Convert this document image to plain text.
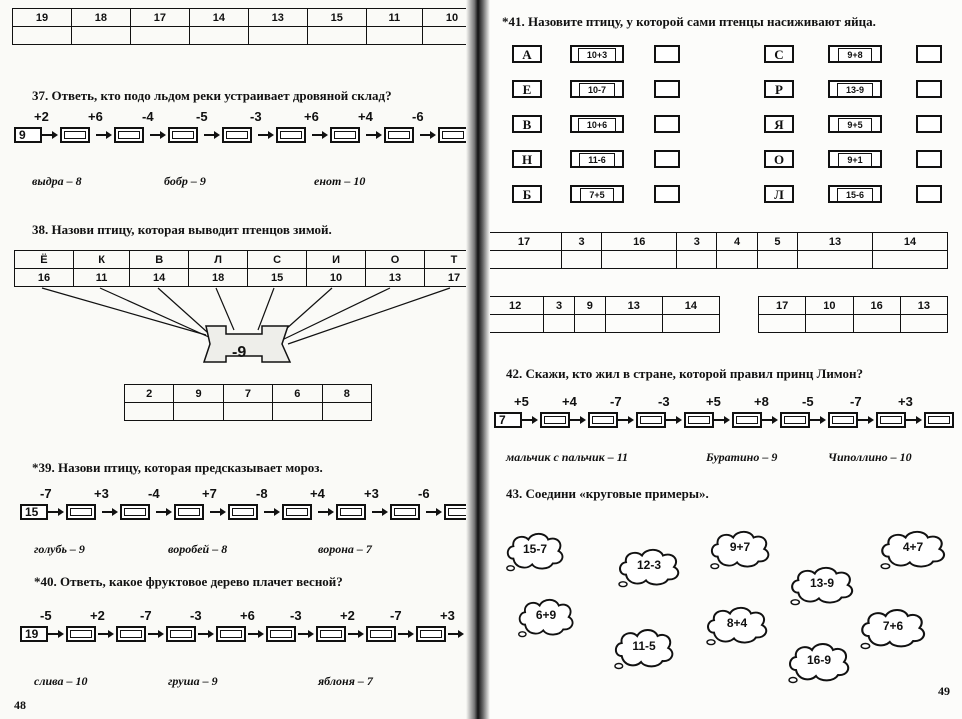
19	18	17	14	13	15	11	10

37. Ответь, кто подо льдом реки устраивает дровяной склад?
9
+2	+6	-4	-5	-3	+6	+4	-6
выдра – 8	бобр – 9	енот – 10
38. Назови птицу, которая выводит птенцов зимой.
Ё	К	В	Л	С	И	О	Т
16	11	14	18	15	10	13	17
-9
2	9	7	6	8

*39. Назови птицу, которая предсказывает мороз.
15
-7	+3	-4	+7	-8	+4	+3	-6
голубь – 9	воробей – 8	ворона – 7
*40. Ответь, какое фруктовое дерево плачет весной?
19
-5	+2	-7	-3	+6	-3	+2	-7	+3
слива – 10	груша – 9	яблоня – 7
48
*41. Назовите птицу, у которой сами птенцы насиживают яйца.
А	10+3
Е	10-7
В	10+6
Н	11-6
Б	7+5
С	9+8
Р	13-9
Я	9+5
О	9+1
Л	15-6
17	3	16	3	4	5	13	14

12	3	9	13	14
					17	10	16	13

42. Скажи, кто жил в стране, которой правил принц Лимон?
7
+5	+4	-7	-3	+5	+8	-5	-7	+3
мальчик с пальчик – 11	Буратино – 9	Чиполлино – 10
43. Соедини «круговые примеры».
15-7
12-3
9+7	4+7
13-9
6+9
8+4	7+6
11-5
16-9
49
